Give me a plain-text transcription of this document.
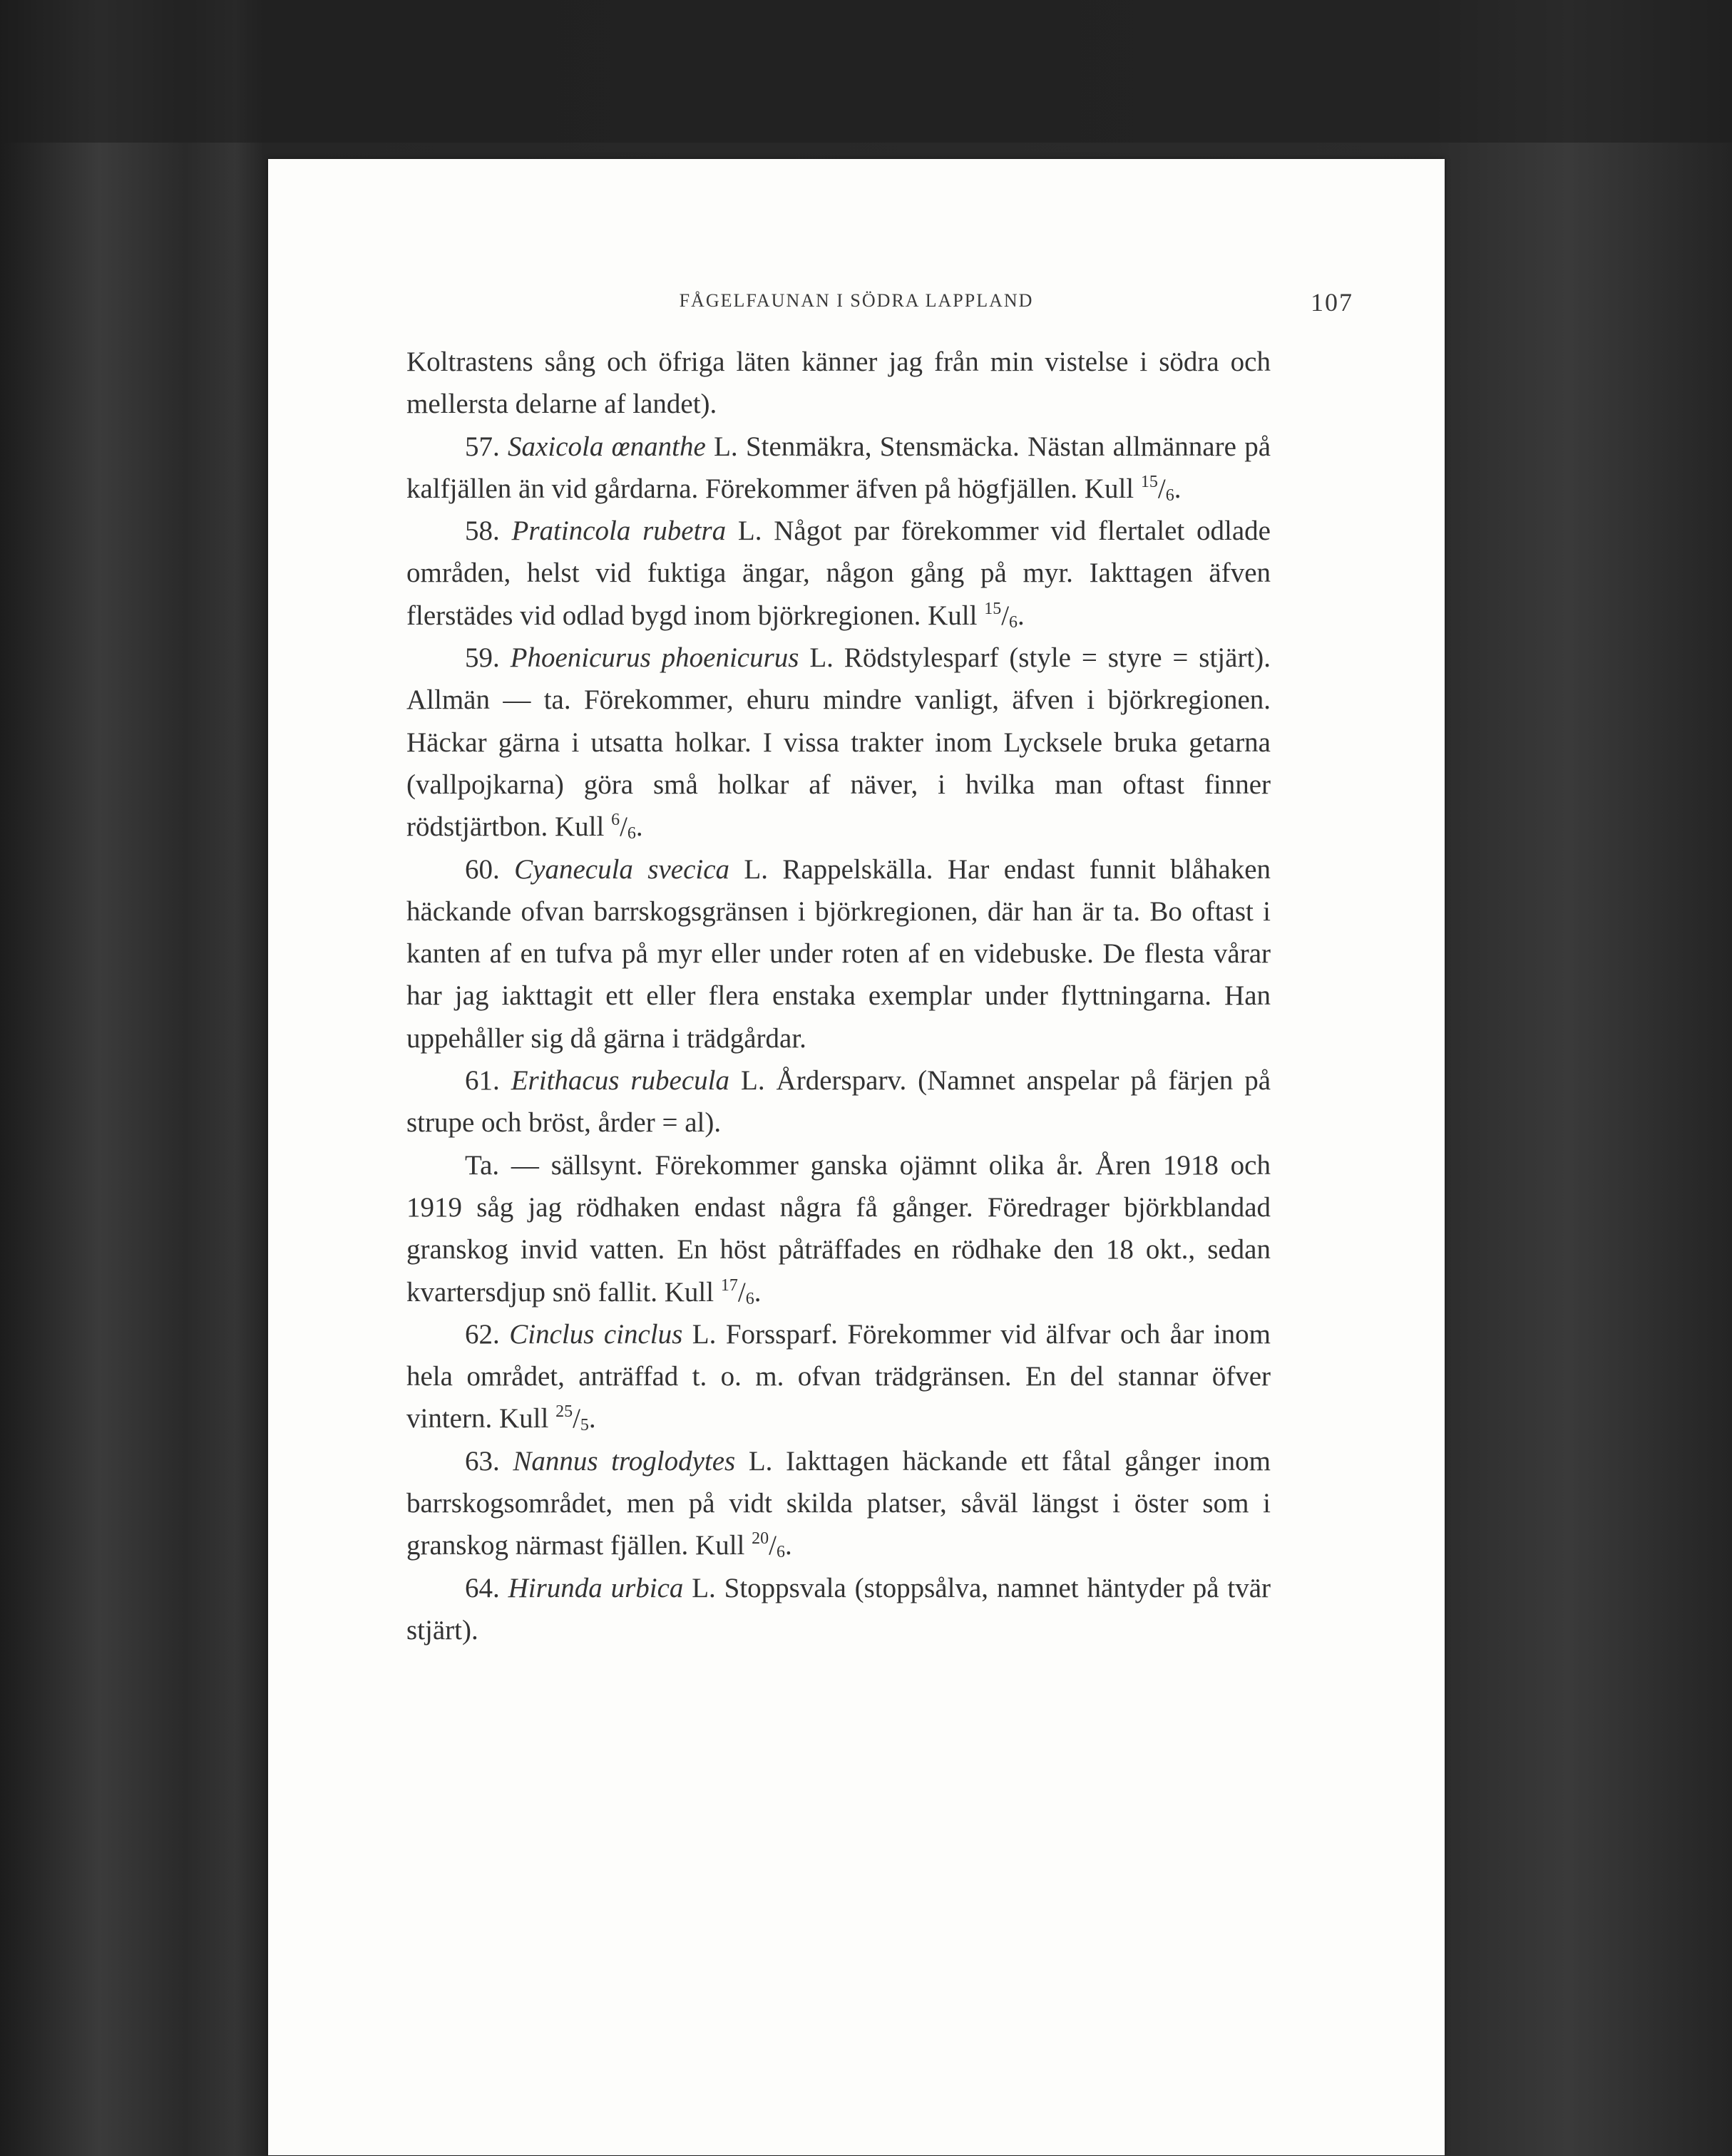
FÅGELFAUNAN I SÖDRA LAPPLAND	107

Koltrastens sång och öfriga läten känner jag från min vistelse i södra och mellersta delarne af landet).

57. Saxicola œnanthe L. Stenmäkra, Stensmäcka. Nästan allmännare på kalfjällen än vid gårdarna. Förekommer äfven på högfjällen. Kull $^{15}/_6$.

58. Pratincola rubetra L. Något par förekommer vid flertalet odlade områden, helst vid fuktiga ängar, någon gång på myr. Iakttagen äfven flerstädes vid odlad bygd inom björkregionen. Kull $^{15}/_6$.

59. Phoenicurus phoenicurus L. Rödstylesparf (style = styre = stjärt). Allmän — ta. Förekommer, ehuru mindre vanligt, äfven i björkregionen. Häckar gärna i utsatta holkar. I vissa trakter inom Lycksele bruka getarna (vallpojkarna) göra små holkar af näver, i hvilka man oftast finner rödstjärtbon. Kull $^6/_6$.

60. Cyanecula svecica L. Rappelskälla. Har endast funnit blåhaken häckande ofvan barrskogsgränsen i björkregionen, där han är ta. Bo oftast i kanten af en tufva på myr eller under roten af en videbuske. De flesta vårar har jag iakttagit ett eller flera enstaka exemplar under flyttningarna. Han uppehåller sig då gärna i trädgårdar.

61. Erithacus rubecula L. Årdersparv. (Namnet anspelar på färjen på strupe och bröst, årder = al).

Ta. — sällsynt. Förekommer ganska ojämnt olika år. Åren 1918 och 1919 såg jag rödhaken endast några få gånger. Föredrager björkblandad granskog invid vatten. En höst påträffades en rödhake den 18 okt., sedan kvartersdjup snö fallit. Kull $^{17}/_6$.

62. Cinclus cinclus L. Forssparf. Förekommer vid älfvar och åar inom hela området, anträffad t. o. m. ofvan trädgränsen. En del stannar öfver vintern. Kull $^{25}/_5$.

63. Nannus troglodytes L. Iakttagen häckande ett fåtal gånger inom barrskogsområdet, men på vidt skilda platser, såväl längst i öster som i granskog närmast fjällen. Kull $^{20}/_6$.

64. Hirunda urbica L. Stoppsvala (stoppsålva, namnet häntyder på tvär stjärt).
